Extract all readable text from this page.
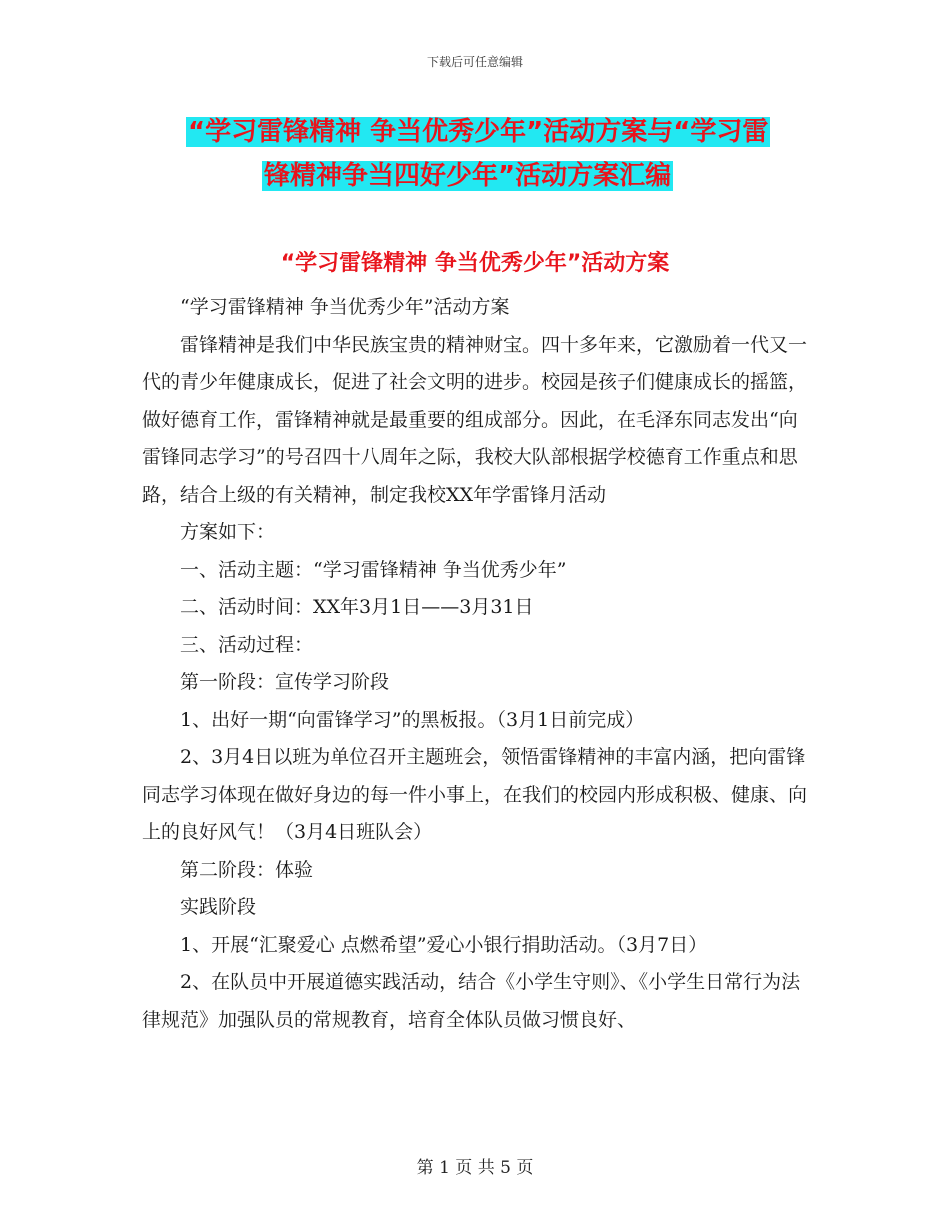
下载后可任意编辑
“学习雷锋精神 争当优秀少年”活动方案与“学习雷
锋精神争当四好少年”活动方案汇编
“学习雷锋精神 争当优秀少年”活动方案

“学习雷锋精神 争当优秀少年”活动方案

雷锋精神是我们中华民族宝贵的精神财宝。四十多年来，它激励着一代又一代的青少年健康成长，促进了社会文明的进步。校园是孩子们健康成长的摇篮，做好德育工作，雷锋精神就是最重要的组成部分。因此，在毛泽东同志发出“向雷锋同志学习”的号召四十八周年之际，我校大队部根据学校德育工作重点和思路，结合上级的有关精神，制定我校XX年学雷锋月活动

方案如下：

一、活动主题：“学习雷锋精神 争当优秀少年”

二、活动时间：XX年3月1日——3月31日

三、活动过程：

第一阶段：宣传学习阶段

1、出好一期“向雷锋学习”的黑板报。（3月1日前完成）

2、3月4日以班为单位召开主题班会，领悟雷锋精神的丰富内涵，把向雷锋同志学习体现在做好身边的每一件小事上，在我们的校园内形成积极、健康、向上的良好风气！（3月4日班队会）

第二阶段：体验

实践阶段

1、开展“汇聚爱心 点燃希望”爱心小银行捐助活动。（3月7日）

2、在队员中开展道德实践活动，结合《小学生守则》、《小学生日常行为法律规范》加强队员的常规教育，培育全体队员做习惯良好、

第 1 页 共 5 页
